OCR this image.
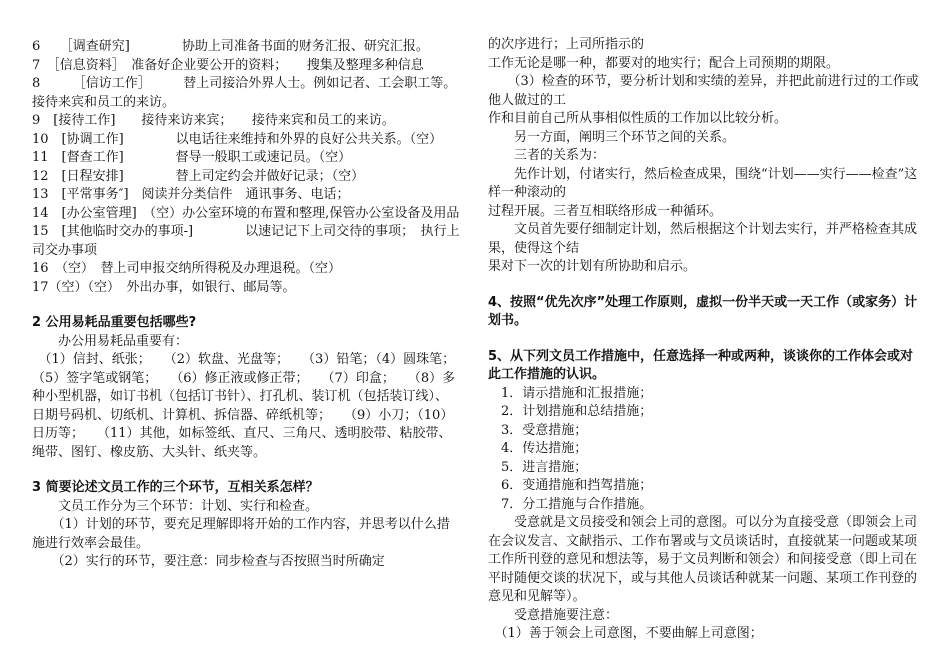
6　　［调查研究]　　　　协助上司准备书面的财务汇报、研究汇报。

7　［信息资料］　准备好企业要公开的资料；　　搜集及整理多种信息

8　　　［信访工作］　　　替上司接洽外界人士。例如记者、工会职工等。接待来宾和员工的来访。

9　[接待工作]　　接待来访来宾；　　接待来宾和员工的来访。

10　[协调工作]　　　　以电话往来维持和外界的良好公共关系。（空）

11　[督查工作]　　　　督导一般职工或速记员。（空）

12　[日程安排]　　　　替上司定约会并做好记录；（空）

13　[平常事务″]　阅读并分类信件　通讯事务、电话；

14　[办公室管理]　（空）办公室环境的布置和整理,保管办公室设备及用品

15　[其他临时交办的事项-]　　　　以速记记下上司交待的事项；　执行上司交办事项

16　（空）　替上司申报交纳所得税及办理退税。（空）

17（空）（空）　外出办事，如银行、邮局等。

2 公用易耗品重要包括哪些?

　　办公用易耗品重要有：

　（1）信封、纸张；　　（2）软盘、光盘等；　　（3）铅笔；（4）圆珠笔；　（5）签字笔或钢笔；　　（6）修正液或修正带；　　（7）印盒；　　（8）多种小型机器，如订书机（包括订书针）、打孔机、装订机（包括装订线）、日期号码机、切纸机、计算机、拆信器、碎纸机等；　　（9）小刀；（10）日历等；　　（11）其他，如标签纸、直尺、三角尺、透明胶带、粘胶带、绳带、图钉、橡皮筋、大头针、纸夹等。

3 简要论述文员工作的三个环节，互相关系怎样？

　　文员工作分为三个环节：计划、实行和检查。

　　（1）计划的环节，要充足理解即将开始的工作内容，并思考以什么措施进行效率会最佳。

　　（2）实行的环节，要注意：同步检查与否按照当时所确定

的次序进行；上司所指示的

工作无论是哪一种，都要对的地实行；配合上司预期的期限。

　　（3）检查的环节，要分析计划和实绩的差异，并把此前进行过的工作或他人做过的工

作和目前自己所从事相似性质的工作加以比较分析。

　　另一方面，阐明三个环节之间的关系。

　　三者的关系为：

　　先作计划，付诸实行，然后检查成果，围绕“计划——实行——检查”这样一种滚动的

过程开展。三者互相联络形成一种循环。

　　文员首先要仔细制定计划，然后根据这个计划去实行，并严格检查其成果，使得这个结

果对下一次的计划有所协助和启示。

4、按照“优先次序”处理工作原则，虚拟一份半天或一天工作（或家务）计划书。

5、从下列文员工作措施中，任意选择一种或两种，谈谈你的工作体会或对此工作措施的认识。

　1．请示措施和汇报措施；

　2．计划措施和总结措施；

　3．受意措施；

　4．传达措施；

　5．进言措施；

　6．变通措施和挡驾措施；

　7．分工措施与合作措施。

　　受意就是文员接受和领会上司的意图。可以分为直接受意（即领会上司在会议发言、文献指示、工作布署或与文员谈话时，直接就某一问题或某项工作所刊登的意见和想法等，易于文员判断和领会）和间接受意（即上司在平时随便交谈的状况下，或与其他人员谈话种就某一问题、某项工作刊登的意见和见解等）。

　　受意措施要注意：

　（1）善于领会上司意图，不要曲解上司意图；
